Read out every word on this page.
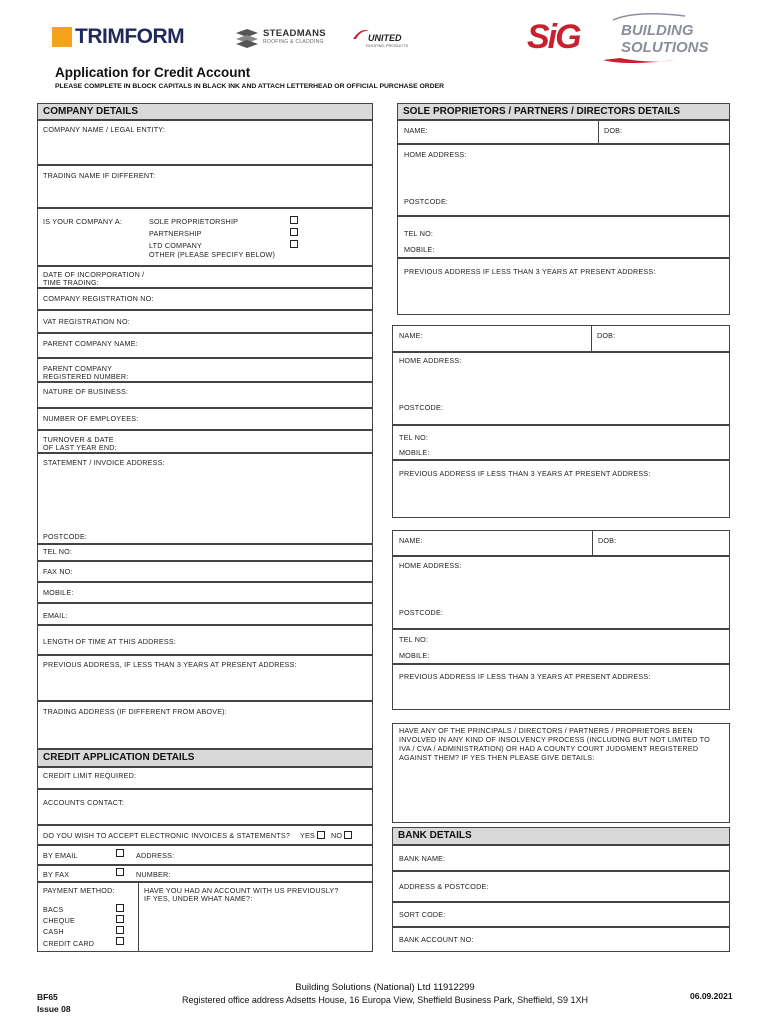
TRIMFORM	STEADMANS
ROOFING & CLADDING	UNITED
ROOFING PRODUCTS	SiG	BUILDING
SOLUTIONS
Application for Credit Account
PLEASE COMPLETE IN BLOCK CAPITALS IN BLACK INK AND ATTACH LETTERHEAD OR OFFICIAL PURCHASE ORDER
COMPANY DETAILS
COMPANY NAME / LEGAL ENTITY:
TRADING NAME IF DIFFERENT:
IS YOUR COMPANY A:	SOLE PROPRIETORSHIP
PARTNERSHIP
LTD COMPANY
OTHER (PLEASE SPECIFY BELOW)
DATE OF INCORPORATION /
TIME TRADING:
COMPANY REGISTRATION NO:
VAT REGISTRATION NO:
PARENT COMPANY NAME:
PARENT COMPANY
REGISTERED NUMBER:
NATURE OF BUSINESS:
NUMBER OF EMPLOYEES:
TURNOVER & DATE
OF LAST YEAR END:
STATEMENT / INVOICE ADDRESS:
POSTCODE:
TEL NO:
FAX NO:
MOBILE:
EMAIL:
LENGTH OF TIME AT THIS ADDRESS:
PREVIOUS ADDRESS, IF LESS THAN 3 YEARS AT PRESENT ADDRESS:
TRADING ADDRESS (IF DIFFERENT FROM ABOVE):
CREDIT APPLICATION DETAILS
CREDIT LIMIT REQUIRED:
ACCOUNTS CONTACT:
DO YOU WISH TO ACCEPT ELECTRONIC INVOICES & STATEMENTS? YES NO
BY EMAIL	ADDRESS:
BY FAX	NUMBER:
PAYMENT METHOD:
BACS
CHEQUE
CASH
CREDIT CARD
HAVE YOU HAD AN ACCOUNT WITH US PREVIOUSLY?
IF YES, UNDER WHAT NAME?:
SOLE PROPRIETORS / PARTNERS / DIRECTORS DETAILS
NAME:	DOB:
HOME ADDRESS:
POSTCODE:
TEL NO:
MOBILE:
PREVIOUS ADDRESS IF LESS THAN 3 YEARS AT PRESENT ADDRESS:
NAME:	DOB:
HOME ADDRESS:
POSTCODE:
TEL NO:
MOBILE:
PREVIOUS ADDRESS IF LESS THAN 3 YEARS AT PRESENT ADDRESS:
NAME:	DOB:
HOME ADDRESS:
POSTCODE:
TEL NO:
MOBILE:
PREVIOUS ADDRESS IF LESS THAN 3 YEARS AT PRESENT ADDRESS:
HAVE ANY OF THE PRINCIPALS / DIRECTORS / PARTNERS / PROPRIETORS BEEN
INVOLVED IN ANY KIND OF INSOLVENCY PROCESS (INCLUDING BUT NOT LIMITED TO
IVA / CVA / ADMINISTRATION) OR HAD A COUNTY COURT JUDGMENT REGISTERED
AGAINST THEM? IF YES THEN PLEASE GIVE DETAILS:
BANK DETAILS
BANK NAME:
ADDRESS & POSTCODE:
SORT CODE:
BANK ACCOUNT NO:
BF65
Issue 08
Building Solutions (National) Ltd 11912299
Registered office address Adsetts House, 16 Europa View, Sheffield Business Park, Sheffield, S9 1XH	06.09.2021
